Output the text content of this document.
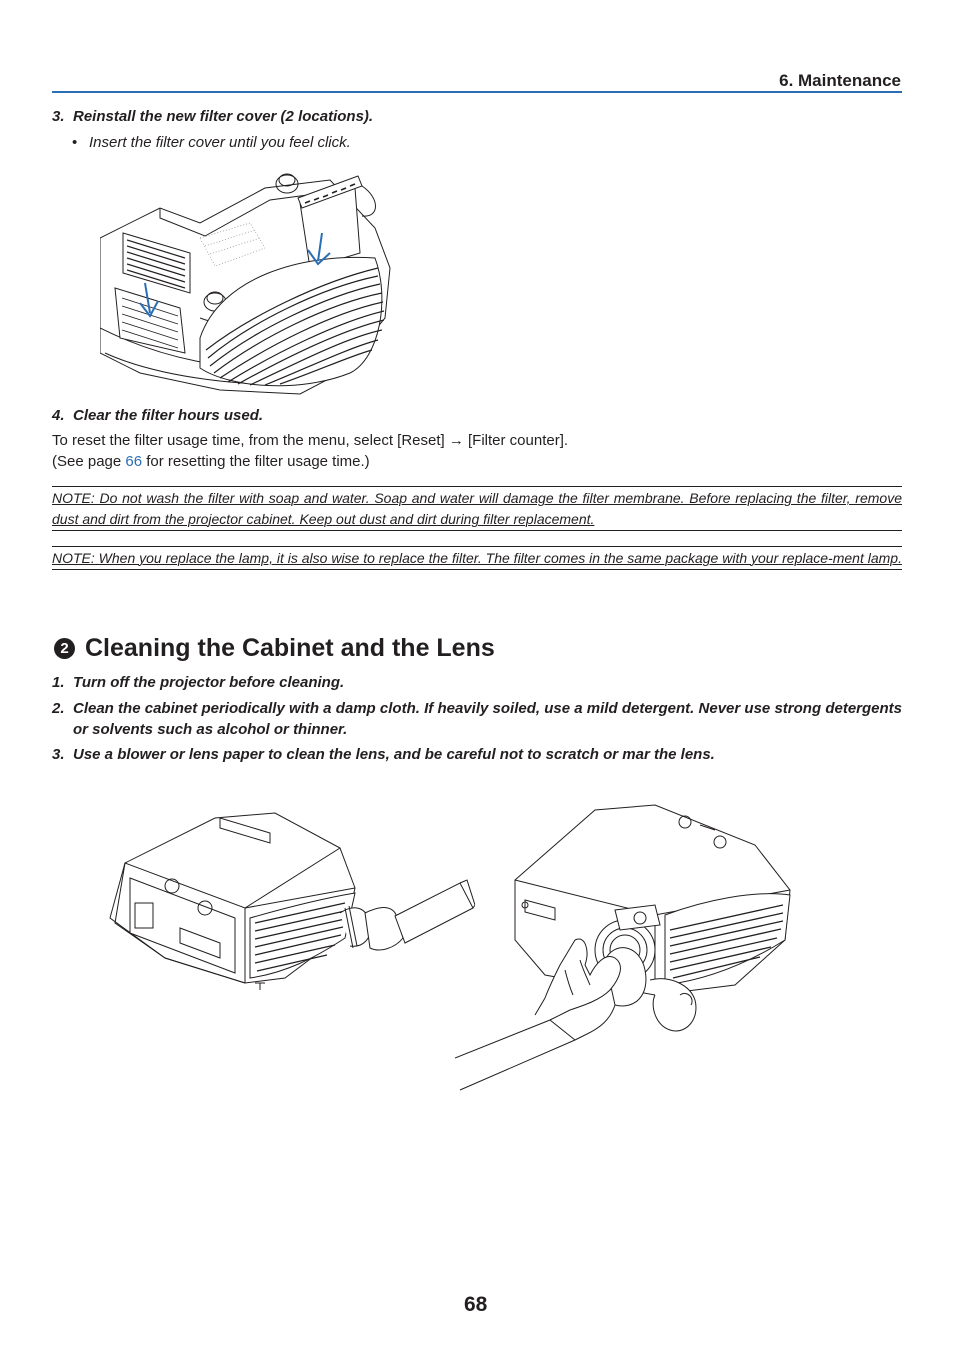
6. Maintenance
3. Reinstall the new filter cover (2 locations).
• Insert the filter cover until you feel click.
4. Clear the filter hours used.
To reset the filter usage time, from the menu, select [Reset] → [Filter counter].
(See page 66 for resetting the filter usage time.)
NOTE: Do not wash the filter with soap and water. Soap and water will damage the filter membrane. Before replacing the filter, remove dust and dirt from the projector cabinet. Keep out dust and dirt during filter replacement.
NOTE: When you replace the lamp, it is also wise to replace the filter. The filter comes in the same package with your replace-ment lamp.
2 Cleaning the Cabinet and the Lens
1. Turn off the projector before cleaning.
2. Clean the cabinet periodically with a damp cloth. If heavily soiled, use a mild detergent. Never use strong detergents or solvents such as alcohol or thinner.
3. Use a blower or lens paper to clean the lens, and be careful not to scratch or mar the lens.
68
